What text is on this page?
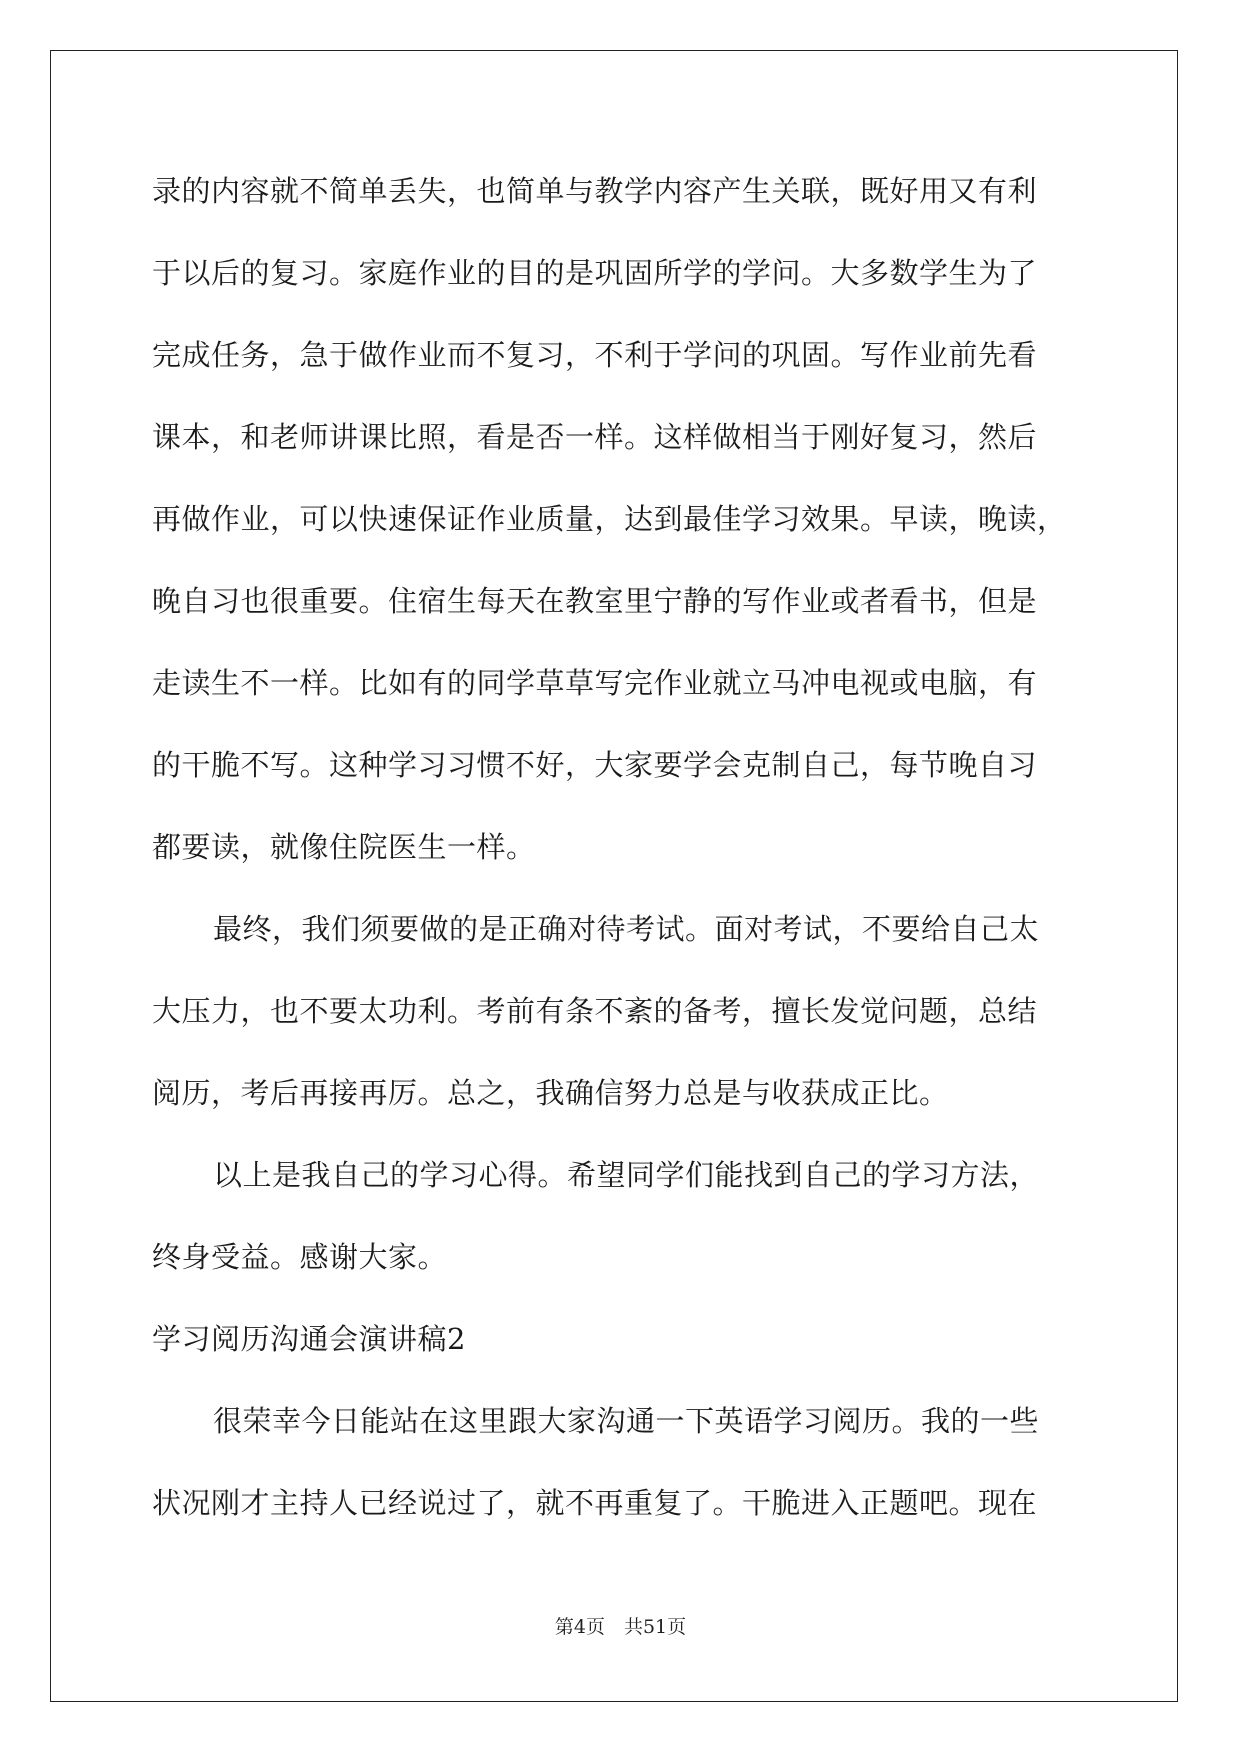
录的内容就不简单丢失，也简单与教学内容产生关联，既好用又有利
于以后的复习。家庭作业的目的是巩固所学的学问。大多数学生为了
完成任务，急于做作业而不复习，不利于学问的巩固。写作业前先看
课本，和老师讲课比照，看是否一样。这样做相当于刚好复习，然后
再做作业，可以快速保证作业质量，达到最佳学习效果。早读，晚读，
晚自习也很重要。住宿生每天在教室里宁静的写作业或者看书，但是
走读生不一样。比如有的同学草草写完作业就立马冲电视或电脑，有
的干脆不写。这种学习习惯不好，大家要学会克制自己，每节晚自习
都要读，就像住院医生一样。
最终，我们须要做的是正确对待考试。面对考试，不要给自己太
大压力，也不要太功利。考前有条不紊的备考，擅长发觉问题，总结
阅历，考后再接再厉。总之，我确信努力总是与收获成正比。
以上是我自己的学习心得。希望同学们能找到自己的学习方法，
终身受益。感谢大家。
学习阅历沟通会演讲稿2
很荣幸今日能站在这里跟大家沟通一下英语学习阅历。我的一些
状况刚才主持人已经说过了，就不再重复了。干脆进入正题吧。现在
第4页　共51页
